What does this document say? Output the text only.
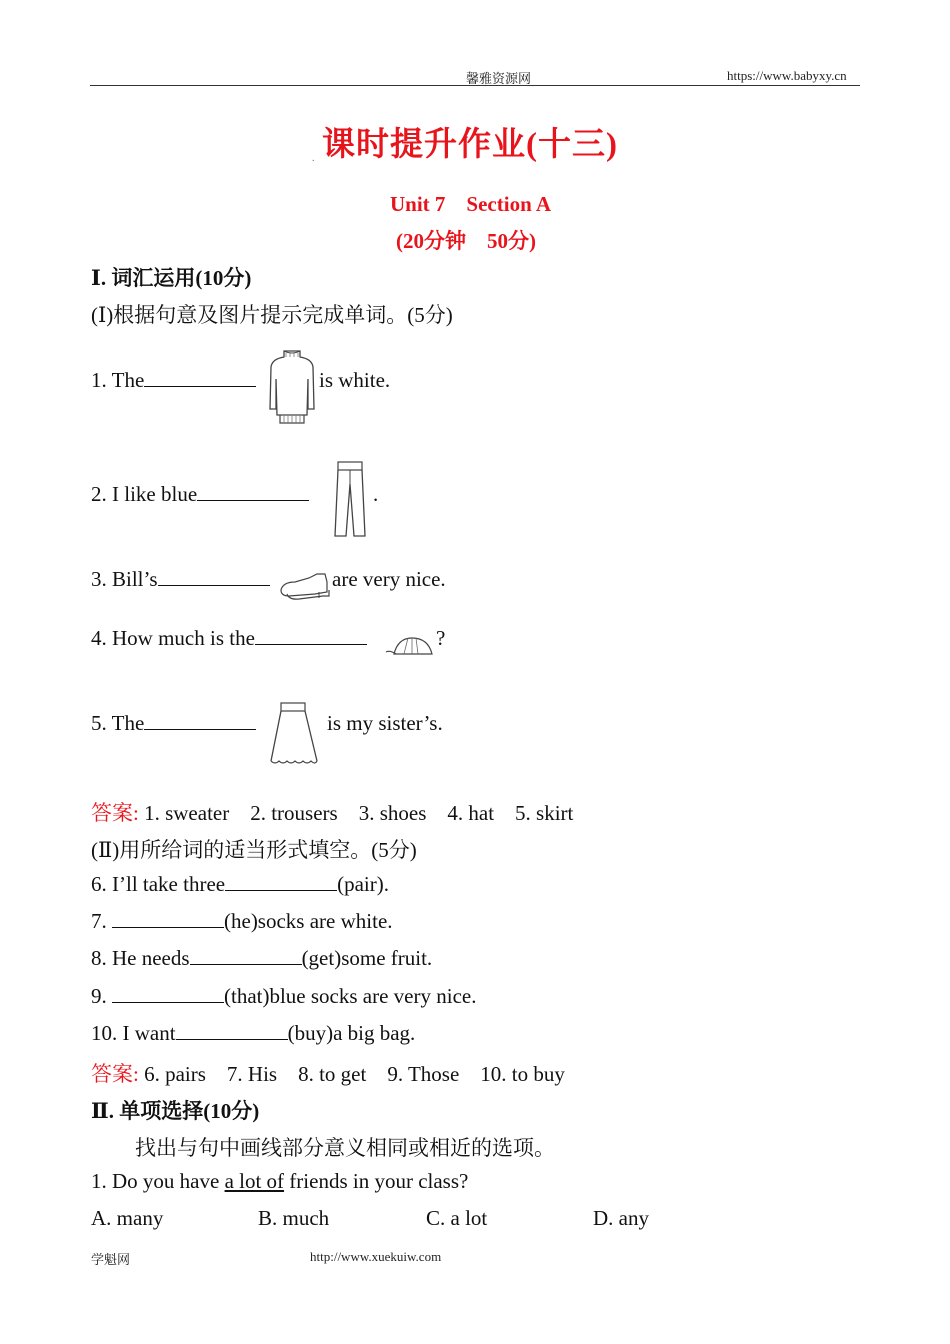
馨雅资源网	https://www.babyxy.cn
. 课时提升作业(十三)
Unit 7　Section A
(20分钟　50分)
Ⅰ. 词汇运用(10分)
(Ⅰ)根据句意及图片提示完成单词。(5分)
1. The	is white.
2. I like blue	.
3. Bill’s	are very nice.
4. How much is the	?
5. The	is my sister’s.
答案: 1. sweater　2. trousers　3. shoes　4. hat　5. skirt
(Ⅱ)用所给词的适当形式填空。(5分)
6. I’ll take three	(pair).
7.	(he)socks are white.
8. He needs	(get)some fruit.
9.	(that)blue socks are very nice.
10. I want	(buy)a big bag.
答案: 6. pairs　7. His　8. to get　9. Those　10. to buy
Ⅱ. 单项选择(10分)
找出与句中画线部分意义相同或相近的选项。
1. Do you have a lot of friends in your class?
A. many	B. much	C. a lot	D. any
学魁网	http://www.xuekuiw.com
